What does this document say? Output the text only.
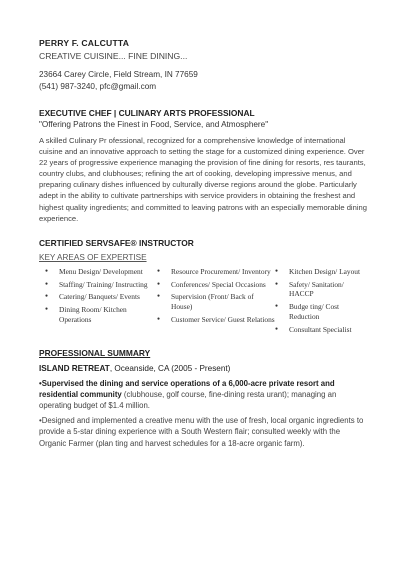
PERRY F. CALCUTTA
CREATIVE CUISINE... FINE DINING...
23664 Carey Circle, Field Stream, IN 77659
(541) 987-3240, pfc@gmail.com
EXECUTIVE CHEF | CULINARY ARTS PROFESSIONAL
"Offering Patrons the Finest in Food, Service, and Atmosphere"
A skilled Culinary Pr ofessional, recognized for a comprehensive knowledge of international cuisine and an innovative approach to setting the stage for a customized dining experience. Over 22 years of progressive experience managing the provision of fine dining for resorts, res taurants, country clubs, and clubhouses; refining the art of cooking, developing impressive menus, and preparing culinary dishes influenced by culturally diverse regions around the globe. Particularly adept in the ability to cultivate partnerships with service providers in obtaining the freshest and highest quality ingredients; and committed to leaving patrons with an especially memorable dining experience.
CERTIFIED SERVSAFE® INSTRUCTOR
KEY AREAS OF EXPERTISE
● Menu Design/ Development
● Staffing/ Training/ Instructing
● Catering/ Banquets/ Events
● Dining Room/ Kitchen Operations
● Resource Procurement/ Inventory
● Conferences/ Special Occasions
● Supervision (Front/ Back of House)
● Customer Service/ Guest Relations
● Kitchen Design/ Layout
● Safety/ Sanitation/ HACCP
● Budge ting/ Cost Reduction
● Consultant Specialist
PROFESSIONAL SUMMARY
ISLAND RETREAT, Oceanside, CA (2005 - Present)
•Supervised the dining and service operations of a 6,000-acre private resort and residential community (clubhouse, golf course, fine-dining resta urant); managing an operating budget of $1.4 million.
•Designed and implemented a creative menu with the use of fresh, local organic ingredients to provide a 5-star dining experience with a South Western flair; consulted weekly with the Organic Farmer (plan ting and harvest schedules for a 18-acre organic farm).
